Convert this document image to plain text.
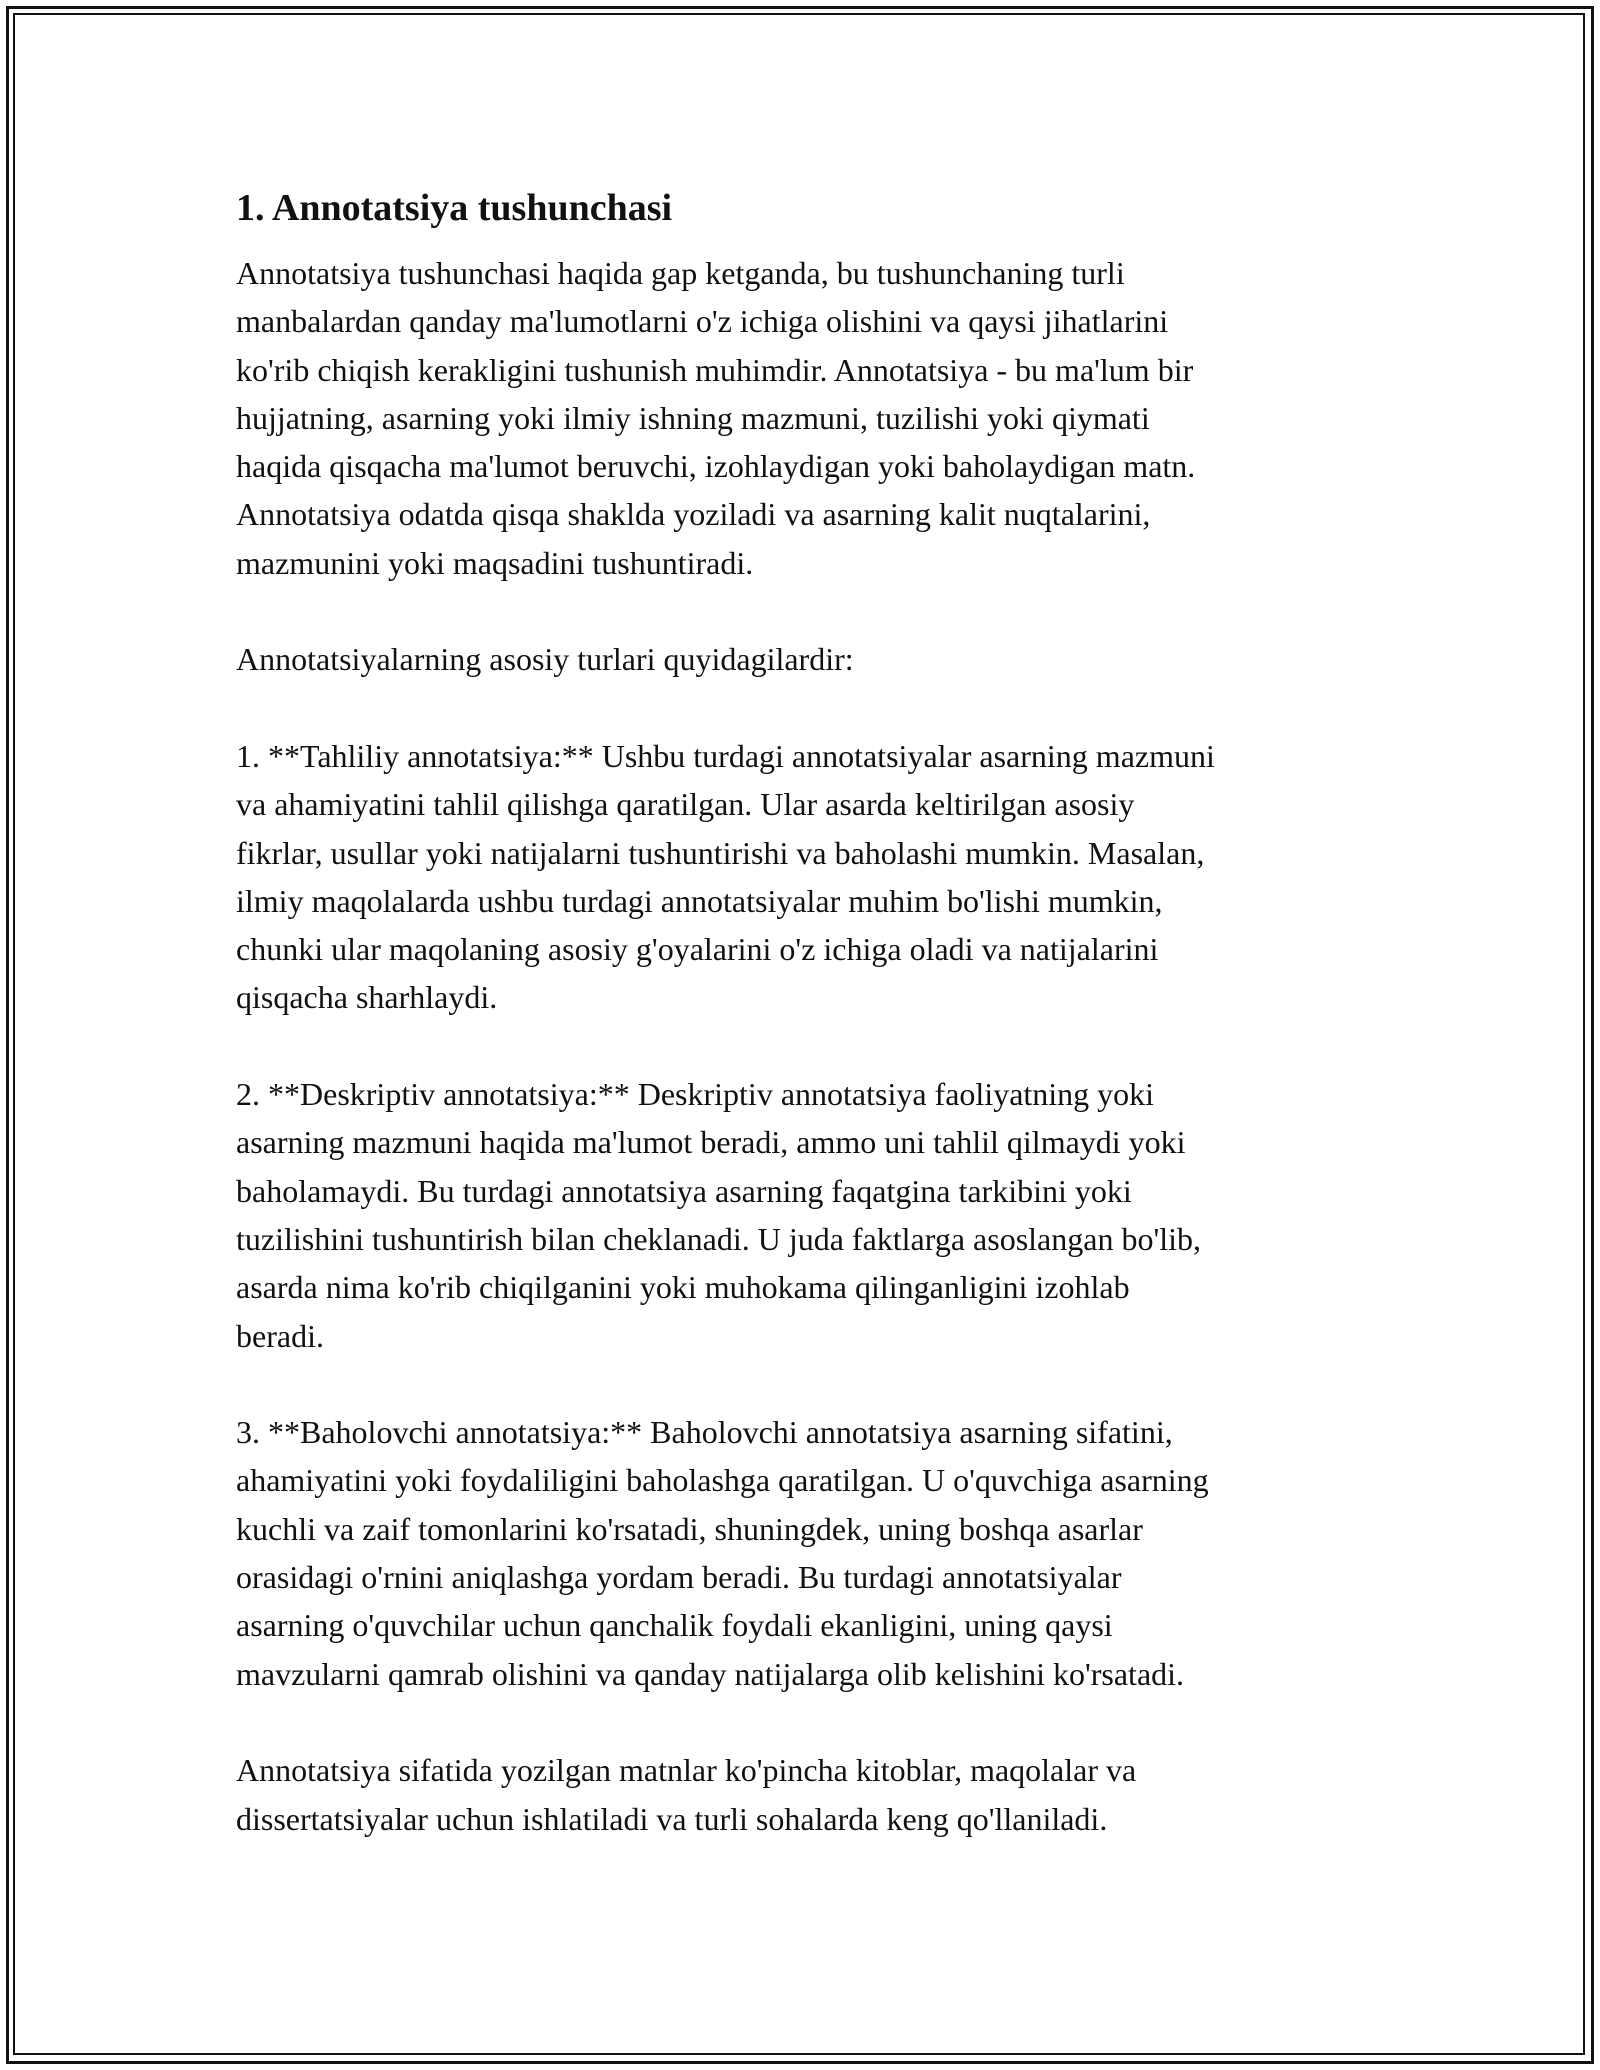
1. Annotatsiya tushunchasi

Annotatsiya tushunchasi haqida gap ketganda, bu tushunchaning turli
manbalardan qanday ma'lumotlarni o'z ichiga olishini va qaysi jihatlarini
ko'rib chiqish kerakligini tushunish muhimdir. Annotatsiya - bu ma'lum bir
hujjatning, asarning yoki ilmiy ishning mazmuni, tuzilishi yoki qiymati
haqida qisqacha ma'lumot beruvchi, izohlaydigan yoki baholaydigan matn.
Annotatsiya odatda qisqa shaklda yoziladi va asarning kalit nuqtalarini,
mazmunini yoki maqsadini tushuntiradi.

Annotatsiyalarning asosiy turlari quyidagilardir:

1. **Tahliliy annotatsiya:** Ushbu turdagi annotatsiyalar asarning mazmuni
va ahamiyatini tahlil qilishga qaratilgan. Ular asarda keltirilgan asosiy
fikrlar, usullar yoki natijalarni tushuntirishi va baholashi mumkin. Masalan,
ilmiy maqolalarda ushbu turdagi annotatsiyalar muhim bo'lishi mumkin,
chunki ular maqolaning asosiy g'oyalarini o'z ichiga oladi va natijalarini
qisqacha sharhlaydi.

2. **Deskriptiv annotatsiya:** Deskriptiv annotatsiya faoliyatning yoki
asarning mazmuni haqida ma'lumot beradi, ammo uni tahlil qilmaydi yoki
baholamaydi. Bu turdagi annotatsiya asarning faqatgina tarkibini yoki
tuzilishini tushuntirish bilan cheklanadi. U juda faktlarga asoslangan bo'lib,
asarda nima ko'rib chiqilganini yoki muhokama qilinganligini izohlab
beradi.

3. **Baholovchi annotatsiya:** Baholovchi annotatsiya asarning sifatini,
ahamiyatini yoki foydaliligini baholashga qaratilgan. U o'quvchiga asarning
kuchli va zaif tomonlarini ko'rsatadi, shuningdek, uning boshqa asarlar
orasidagi o'rnini aniqlashga yordam beradi. Bu turdagi annotatsiyalar
asarning o'quvchilar uchun qanchalik foydali ekanligini, uning qaysi
mavzularni qamrab olishini va qanday natijalarga olib kelishini ko'rsatadi.

Annotatsiya sifatida yozilgan matnlar ko'pincha kitoblar, maqolalar va
dissertatsiyalar uchun ishlatiladi va turli sohalarda keng qo'llaniladi.
